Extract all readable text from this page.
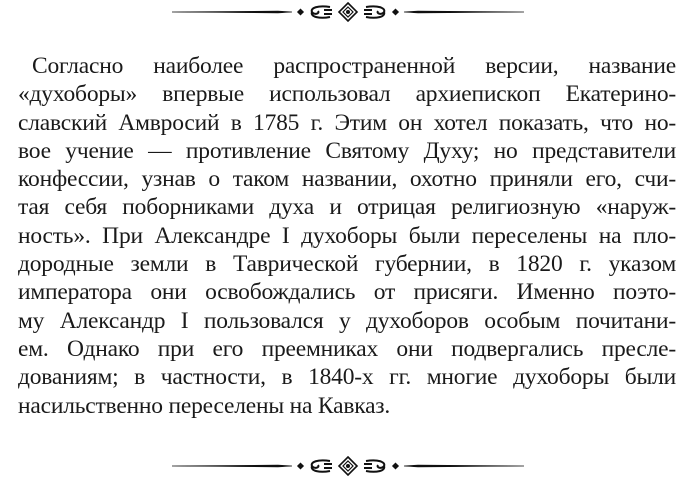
Согласно наиболее распространенной версии, название
«духоборы» впервые использовал архиепископ Екатерино-
славский Амвросий в 1785 г. Этим он хотел показать, что но-
вое учение — противление Святому Духу; но представители
конфессии, узнав о таком названии, охотно приняли его, счи-
тая себя поборниками духа и отрицая религиозную «наруж-
ность». При Александре I духоборы были переселены на пло-
дородные земли в Таврической губернии, в 1820 г. указом
императора они освобождались от присяги. Именно поэто-
му Александр I пользовался у духоборов особым почитани-
ем. Однако при его преемниках они подвергались пресле-
дованиям; в частности, в 1840-х гг. многие духоборы были
насильственно переселены на Кавказ.
